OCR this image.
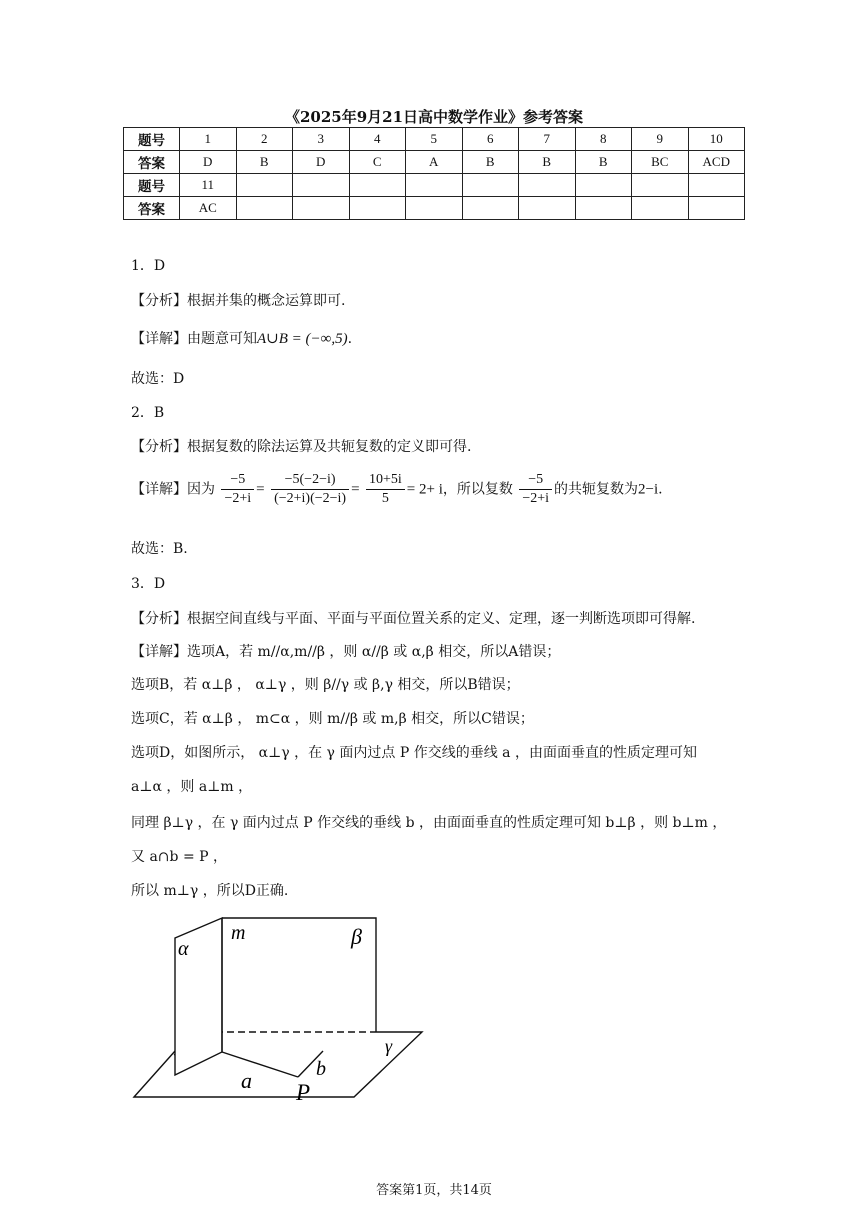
《2025年9月21日高中数学作业》参考答案
题号	1	2	3	4	5	6	7	8	9	10
答案	D	B	D	C	A	B	B	B	BC	ACD
题号	11									
答案	AC									
1．D
【分析】根据并集的概念运算即可.
【详解】由题意可知A∪B = (−∞,5).
故选：D
2．B
【分析】根据复数的除法运算及共轭复数的定义即可得.
【详解】因为 $\frac{-5}{-2+i} = \frac{-5(-2-i)}{(-2+i)(-2-i)} = \frac{10+5i}{5} = 2+ i$，所以复数 $\frac{-5}{-2+i}$ 的共轭复数为2−i.
故选：B.
3．D
【分析】根据空间直线与平面、平面与平面位置关系的定义、定理，逐一判断选项即可得解.
【详解】选项A，若 m//α,m//β ，则 α//β 或 α,β 相交，所以A错误；
选项B，若 α⊥β ， α⊥γ ，则 β//γ 或 β,γ 相交，所以B错误；
选项C，若 α⊥β ， m⊂α ，则 m//β 或 m,β 相交，所以C错误；
选项D，如图所示， α⊥γ ，在 γ 面内过点 P 作交线的垂线 a ，由面面垂直的性质定理可知
a⊥α ，则 a⊥m ，
同理 β⊥γ ，在 γ 面内过点 P 作交线的垂线 b ，由面面垂直的性质定理可知 b⊥β ，则 b⊥m ，
又 a∩b = P ，
所以 m⊥γ ，所以D正确.
α
m	β
γ
a	b
P
答案第1页，共14页
